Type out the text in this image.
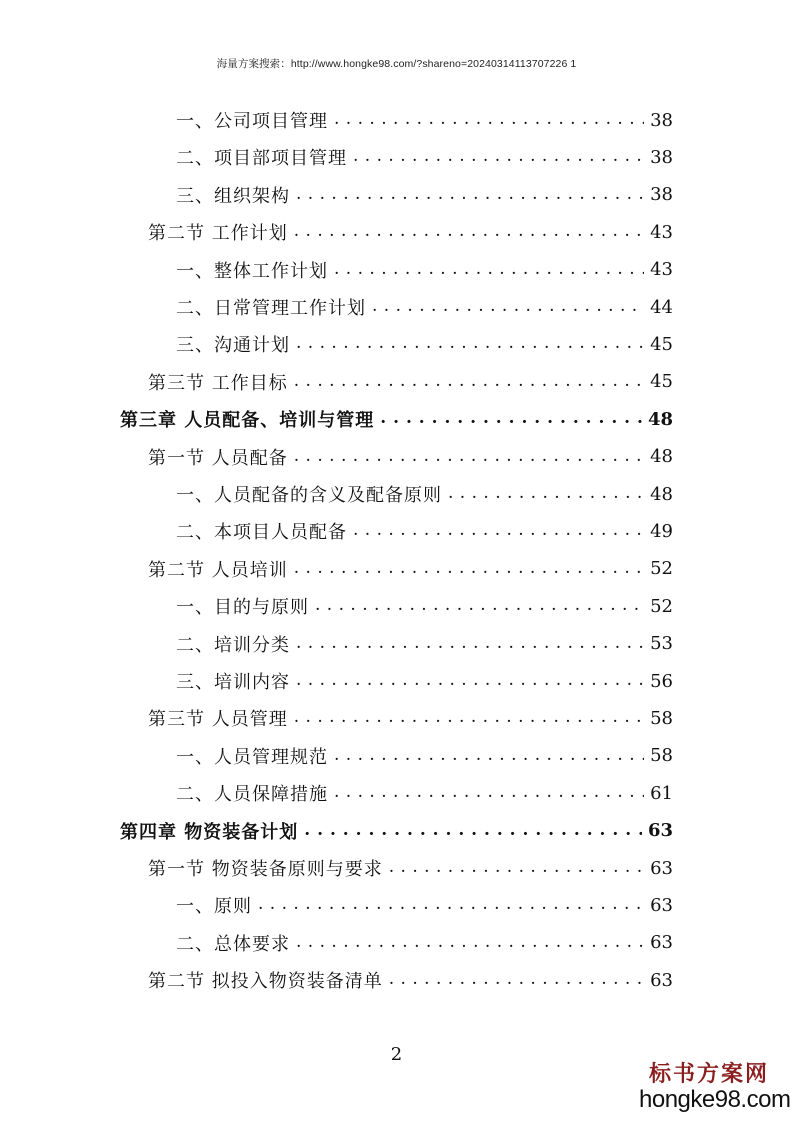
海量方案搜索：http://www.hongke98.com/?shareno=20240314113707226 1
一、公司项目管理 . . .	38
二、项目部项目管理 . . .	38
三、组织架构 . . .	38
第二节 工作计划 . . .	43
一、整体工作计划 . . .	43
二、日常管理工作计划 . . .	44
三、沟通计划 . . .	45
第三节 工作目标 . . .	45
第三章 人员配备、培训与管理 . . .	48
第一节 人员配备 . . .	48
一、人员配备的含义及配备原则 . . .	48
二、本项目人员配备 . . .	49
第二节 人员培训 . . .	52
一、目的与原则 . . .	52
二、培训分类 . . .	53
三、培训内容 . . .	56
第三节 人员管理 . . .	58
一、人员管理规范 . . .	58
二、人员保障措施 . . .	61
第四章 物资装备计划 . . .	63
第一节 物资装备原则与要求 . . .	63
一、原则 . . .	63
二、总体要求 . . .	63
第二节 拟投入物资装备清单 . . .	63
2
标书方案网
hongke98.com
